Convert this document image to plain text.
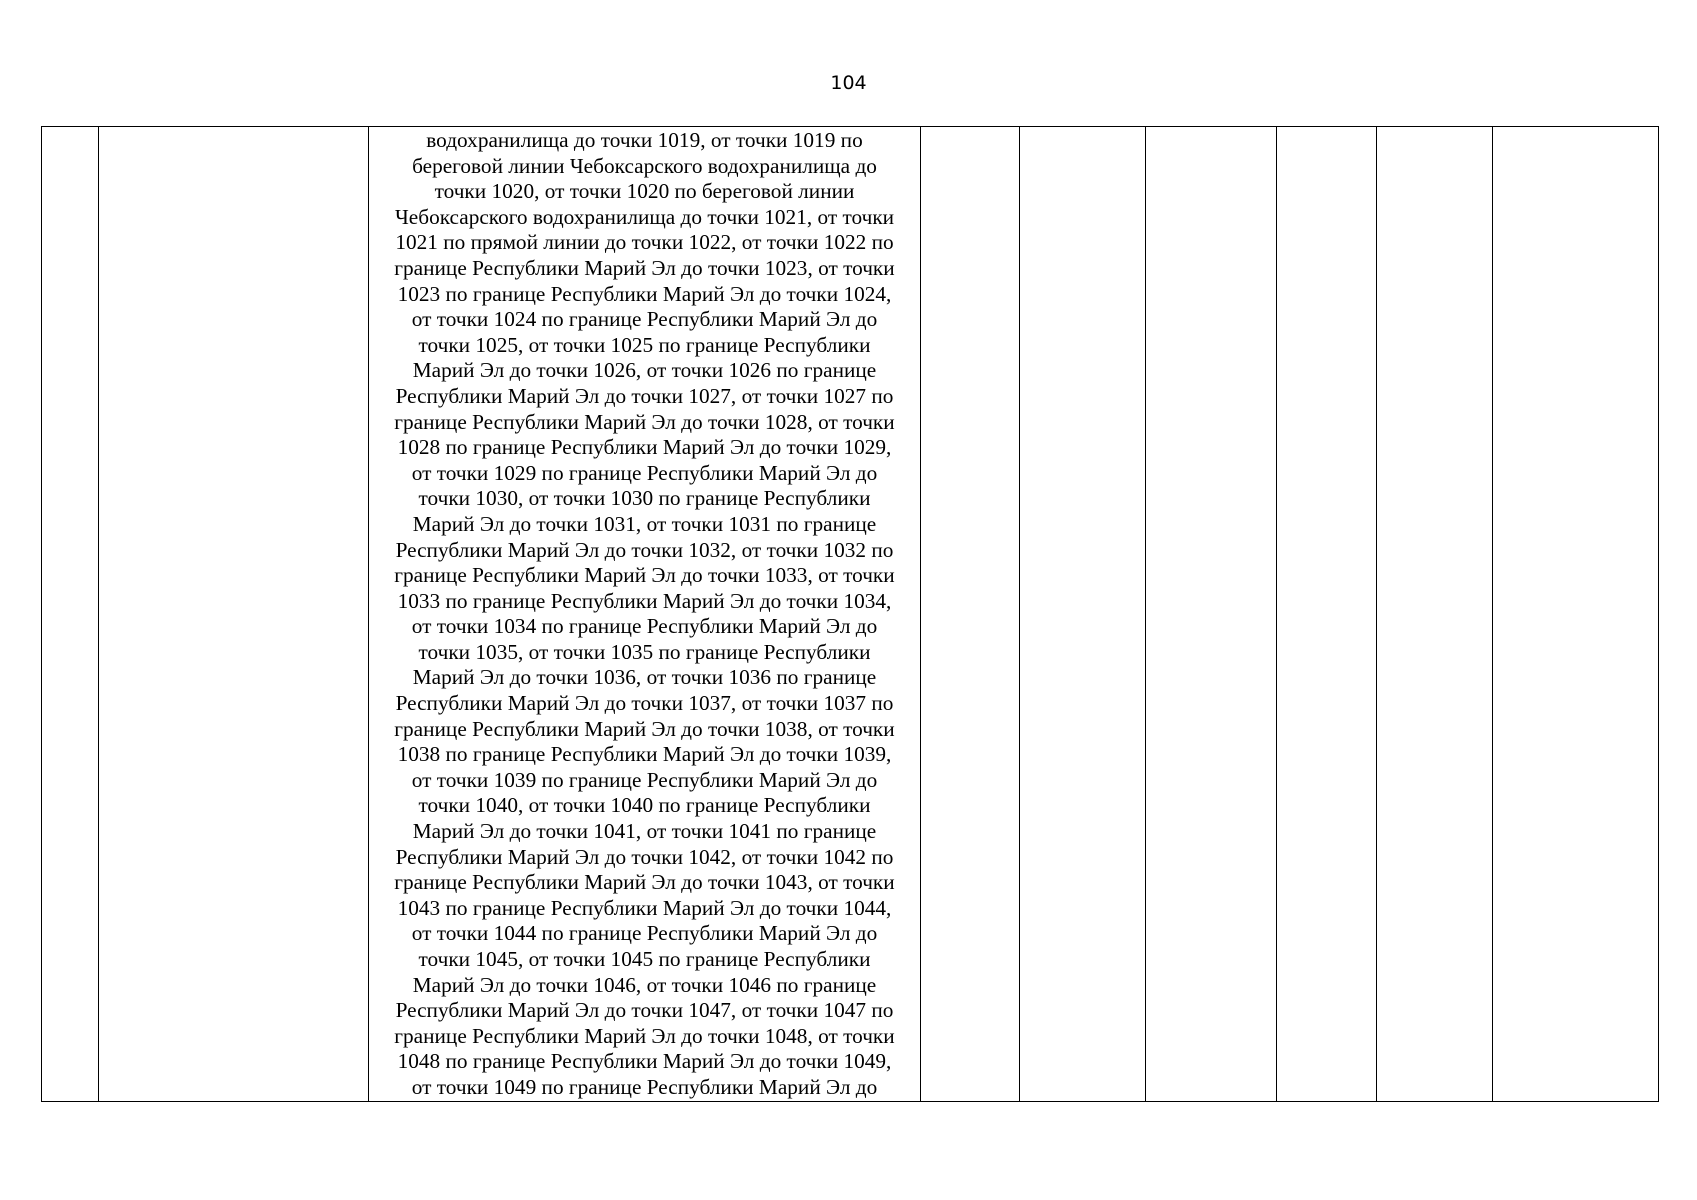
104

водохранилища до точки 1019, от точки 1019 по
береговой линии Чебоксарского водохранилища до
точки 1020, от точки 1020 по береговой линии
Чебоксарского водохранилища до точки 1021, от точки
1021 по прямой линии до точки 1022, от точки 1022 по
границе Республики Марий Эл до точки 1023, от точки
1023 по границе Республики Марий Эл до точки 1024,
от точки 1024 по границе Республики Марий Эл до
точки 1025, от точки 1025 по границе Республики
Марий Эл до точки 1026, от точки 1026 по границе
Республики Марий Эл до точки 1027, от точки 1027 по
границе Республики Марий Эл до точки 1028, от точки
1028 по границе Республики Марий Эл до точки 1029,
от точки 1029 по границе Республики Марий Эл до
точки 1030, от точки 1030 по границе Республики
Марий Эл до точки 1031, от точки 1031 по границе
Республики Марий Эл до точки 1032, от точки 1032 по
границе Республики Марий Эл до точки 1033, от точки
1033 по границе Республики Марий Эл до точки 1034,
от точки 1034 по границе Республики Марий Эл до
точки 1035, от точки 1035 по границе Республики
Марий Эл до точки 1036, от точки 1036 по границе
Республики Марий Эл до точки 1037, от точки 1037 по
границе Республики Марий Эл до точки 1038, от точки
1038 по границе Республики Марий Эл до точки 1039,
от точки 1039 по границе Республики Марий Эл до
точки 1040, от точки 1040 по границе Республики
Марий Эл до точки 1041, от точки 1041 по границе
Республики Марий Эл до точки 1042, от точки 1042 по
границе Республики Марий Эл до точки 1043, от точки
1043 по границе Республики Марий Эл до точки 1044,
от точки 1044 по границе Республики Марий Эл до
точки 1045, от точки 1045 по границе Республики
Марий Эл до точки 1046, от точки 1046 по границе
Республики Марий Эл до точки 1047, от точки 1047 по
границе Республики Марий Эл до точки 1048, от точки
1048 по границе Республики Марий Эл до точки 1049,
от точки 1049 по границе Республики Марий Эл до
